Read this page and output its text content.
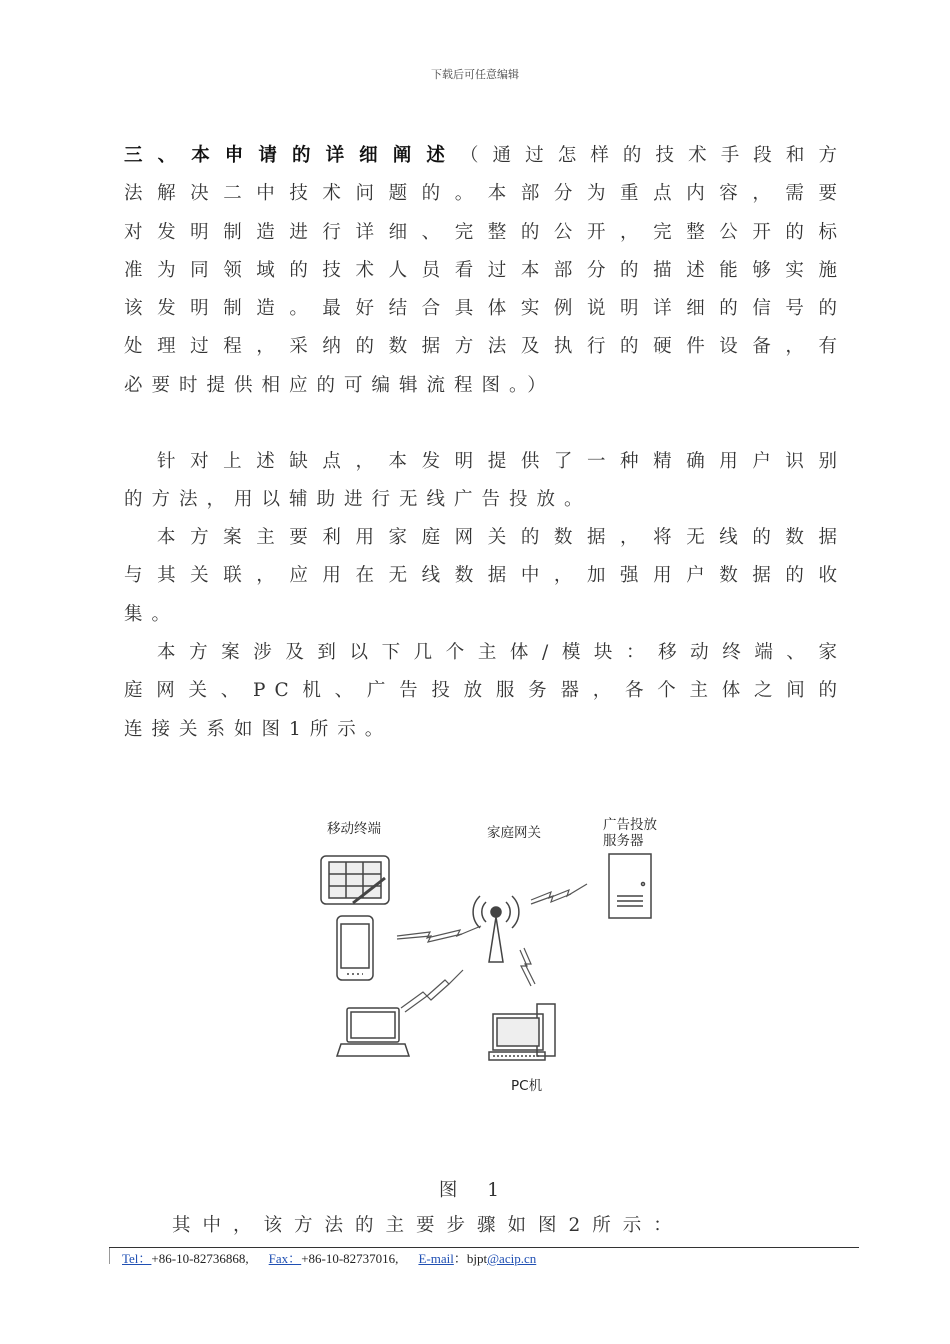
下载后可任意编辑
三、本申请的详细阐述（通过怎样的技术手段和方
法解决二中技术问题的。本部分为重点内容，需要
对发明制造进行详细、完整的公开，完整公开的标
准为同领域的技术人员看过本部分的描述能够实施
该发明制造。最好结合具体实例说明详细的信号的
处理过程，采纳的数据方法及执行的硬件设备，有
必要时提供相应的可编辑流程图。）
针对上述缺点，本发明提供了一种精确用户识别
的方法，用以辅助进行无线广告投放。
本方案主要利用家庭网关的数据，将无线的数据
与其关联，应用在无线数据中，加强用户数据的收
集。
本方案涉及到以下几个主体/模块：移动终端、家
庭网关、PC机、广告投放服务器，各个主体之间的
连接关系如图1所示。
移动终端	家庭网关	广告投放
服务器
PC机
图 1
其中，该方法的主要步骤如图2所示：
Tel：+86-10-82736868, Fax：+86-10-82737016, E-mail：bjpt@acip.cn
